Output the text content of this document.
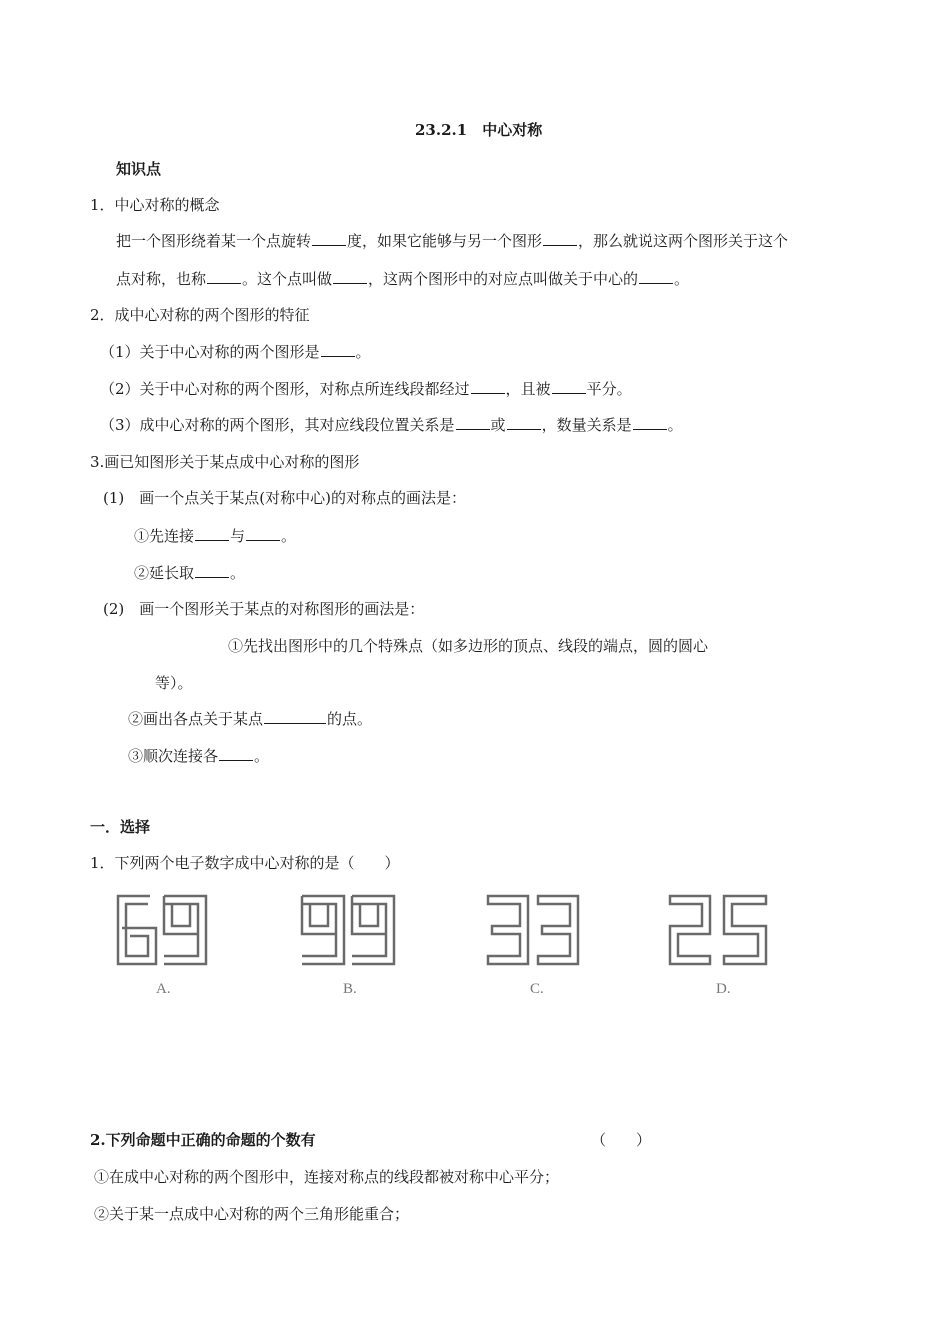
23.2.1　中心对称
知识点
1．中心对称的概念
把一个图形绕着某一个点旋转 度，如果它能够与另一个图形 ，那么就说这两个图形关于这个
点对称，也称 。这个点叫做 ，这两个图形中的对应点叫做关于中心的 。
2．成中心对称的两个图形的特征
（1）关于中心对称的两个图形是 。
（2）关于中心对称的两个图形，对称点所连线段都经过 ，且被 平分。
（3）成中心对称的两个图形，其对应线段位置关系是 或 ，数量关系是 。
3.画已知图形关于某点成中心对称的图形
(1)　画一个点关于某点(对称中心)的对称点的画法是：
①先连接 与 。
②延长取 。
(2)　画一个图形关于某点的对称图形的画法是：
①先找出图形中的几个特殊点（如多边形的顶点、线段的端点，圆的圆心
等）。
②画出各点关于某点	的点。
③顺次连接各 。
一．选择
1．下列两个电子数字成中心对称的是（　　）
A.	B.	C.	D.
2.下列命题中正确的命题的个数有	（　　）
①在成中心对称的两个图形中，连接对称点的线段都被对称中心平分；
②关于某一点成中心对称的两个三角形能重合；
